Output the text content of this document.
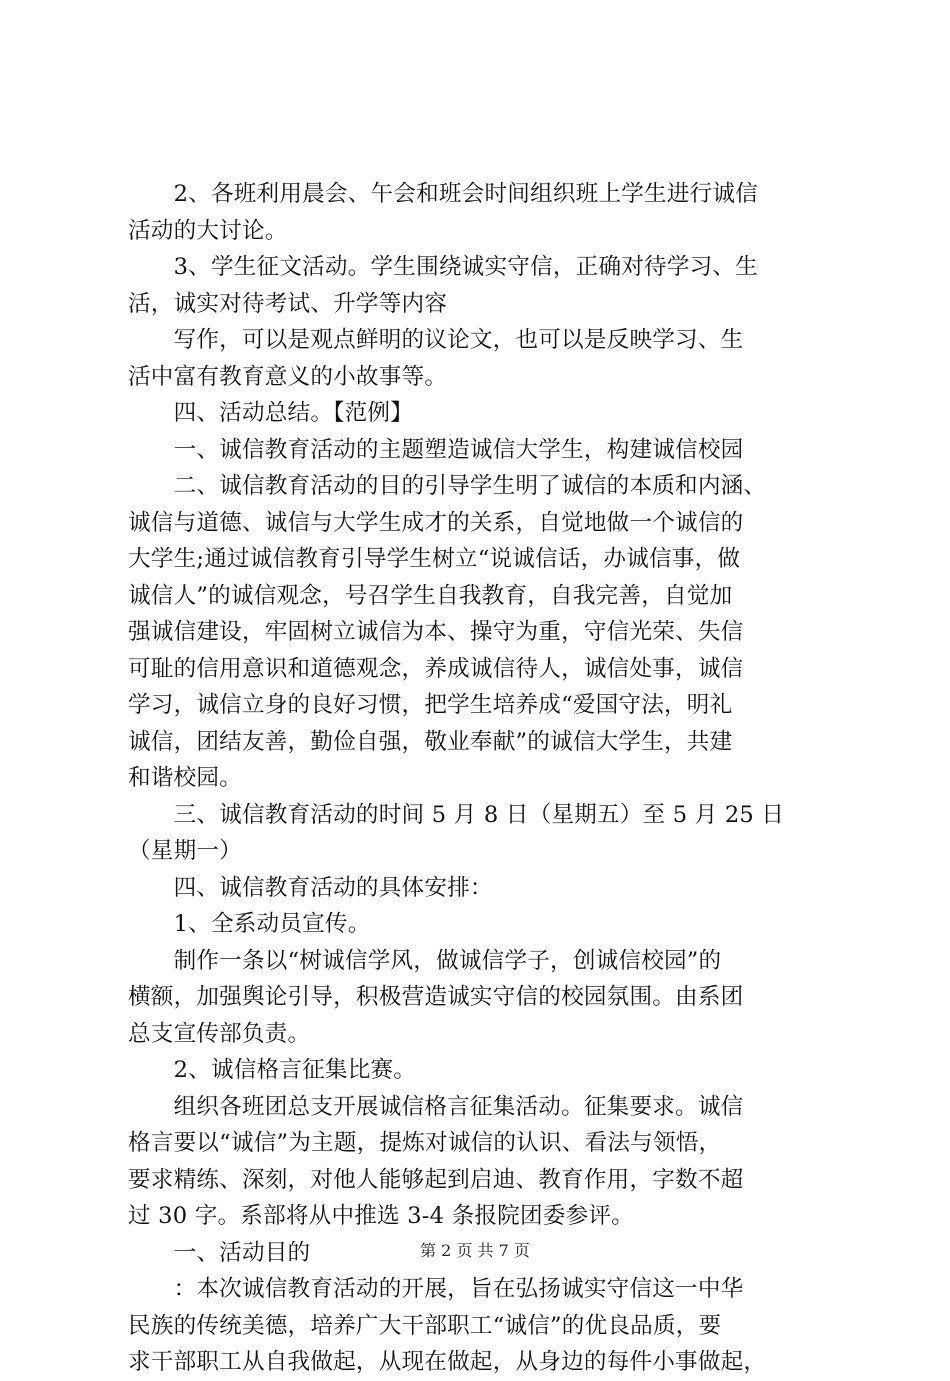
　　2、各班利用晨会、午会和班会时间组织班上学生进行诚信
活动的大讨论。
　　3、学生征文活动。学生围绕诚实守信，正确对待学习、生
活，诚实对待考试、升学等内容
　　写作，可以是观点鲜明的议论文，也可以是反映学习、生
活中富有教育意义的小故事等。
　　四、活动总结。【范例】
　　一、诚信教育活动的主题塑造诚信大学生，构建诚信校园
　　二、诚信教育活动的目的引导学生明了诚信的本质和内涵、
诚信与道德、诚信与大学生成才的关系，自觉地做一个诚信的
大学生;通过诚信教育引导学生树立“说诚信话，办诚信事，做
诚信人”的诚信观念，号召学生自我教育，自我完善，自觉加
强诚信建设，牢固树立诚信为本、操守为重，守信光荣、失信
可耻的信用意识和道德观念，养成诚信待人，诚信处事，诚信
学习，诚信立身的良好习惯，把学生培养成“爱国守法，明礼
诚信，团结友善，勤俭自强，敬业奉献”的诚信大学生，共建
和谐校园。
　　三、诚信教育活动的时间 5 月 8 日（星期五）至 5 月 25 日
（星期一）
　　四、诚信教育活动的具体安排：
　　1、全系动员宣传。
　　制作一条以“树诚信学风，做诚信学子，创诚信校园”的
横额，加强舆论引导，积极营造诚实守信的校园氛围。由系团
总支宣传部负责。
　　2、诚信格言征集比赛。
　　组织各班团总支开展诚信格言征集活动。征集要求。诚信
格言要以“诚信”为主题，提炼对诚信的认识、看法与领悟，
要求精练、深刻，对他人能够起到启迪、教育作用，字数不超
过 30 字。系部将从中推选 3-4 条报院团委参评。
　　一、活动目的
　　：本次诚信教育活动的开展，旨在弘扬诚实守信这一中华
民族的传统美德，培养广大干部职工“诚信”的优良品质，要
求干部职工从自我做起，从现在做起，从身边的每件小事做起，
第 2 页 共 7 页
